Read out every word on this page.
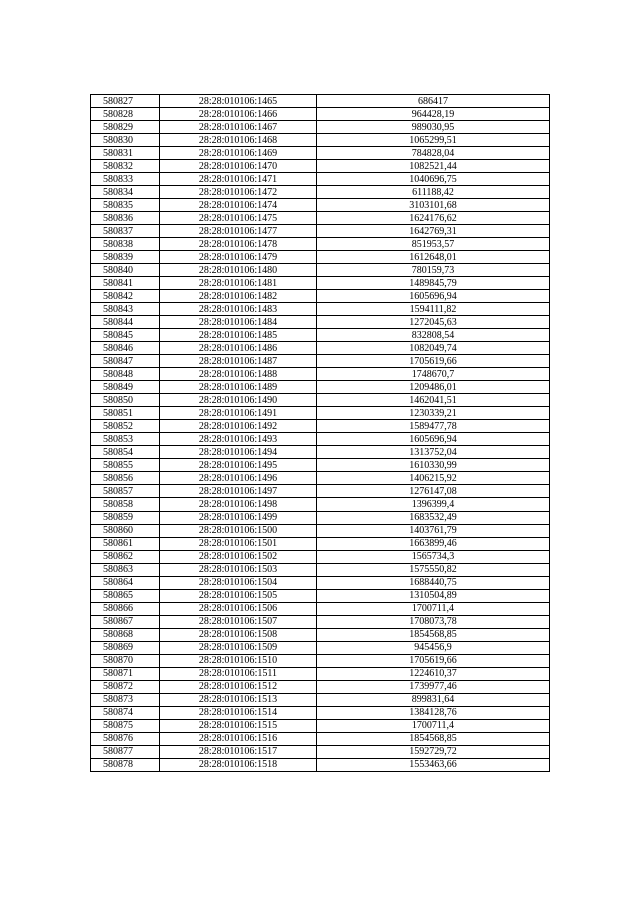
580827	28:28:010106:1465	686417
580828	28:28:010106:1466	964428,19
580829	28:28:010106:1467	989030,95
580830	28:28:010106:1468	1065299,51
580831	28:28:010106:1469	784828,04
580832	28:28:010106:1470	1082521,44
580833	28:28:010106:1471	1040696,75
580834	28:28:010106:1472	611188,42
580835	28:28:010106:1474	3103101,68
580836	28:28:010106:1475	1624176,62
580837	28:28:010106:1477	1642769,31
580838	28:28:010106:1478	851953,57
580839	28:28:010106:1479	1612648,01
580840	28:28:010106:1480	780159,73
580841	28:28:010106:1481	1489845,79
580842	28:28:010106:1482	1605696,94
580843	28:28:010106:1483	1594111,82
580844	28:28:010106:1484	1272045,63
580845	28:28:010106:1485	832808,54
580846	28:28:010106:1486	1082049,74
580847	28:28:010106:1487	1705619,66
580848	28:28:010106:1488	1748670,7
580849	28:28:010106:1489	1209486,01
580850	28:28:010106:1490	1462041,51
580851	28:28:010106:1491	1230339,21
580852	28:28:010106:1492	1589477,78
580853	28:28:010106:1493	1605696,94
580854	28:28:010106:1494	1313752,04
580855	28:28:010106:1495	1610330,99
580856	28:28:010106:1496	1406215,92
580857	28:28:010106:1497	1276147,08
580858	28:28:010106:1498	1396399,4
580859	28:28:010106:1499	1683532,49
580860	28:28:010106:1500	1403761,79
580861	28:28:010106:1501	1663899,46
580862	28:28:010106:1502	1565734,3
580863	28:28:010106:1503	1575550,82
580864	28:28:010106:1504	1688440,75
580865	28:28:010106:1505	1310504,89
580866	28:28:010106:1506	1700711,4
580867	28:28:010106:1507	1708073,78
580868	28:28:010106:1508	1854568,85
580869	28:28:010106:1509	945456,9
580870	28:28:010106:1510	1705619,66
580871	28:28:010106:1511	1224610,37
580872	28:28:010106:1512	1739977,46
580873	28:28:010106:1513	899831,64
580874	28:28:010106:1514	1384128,76
580875	28:28:010106:1515	1700711,4
580876	28:28:010106:1516	1854568,85
580877	28:28:010106:1517	1592729,72
580878	28:28:010106:1518	1553463,66
